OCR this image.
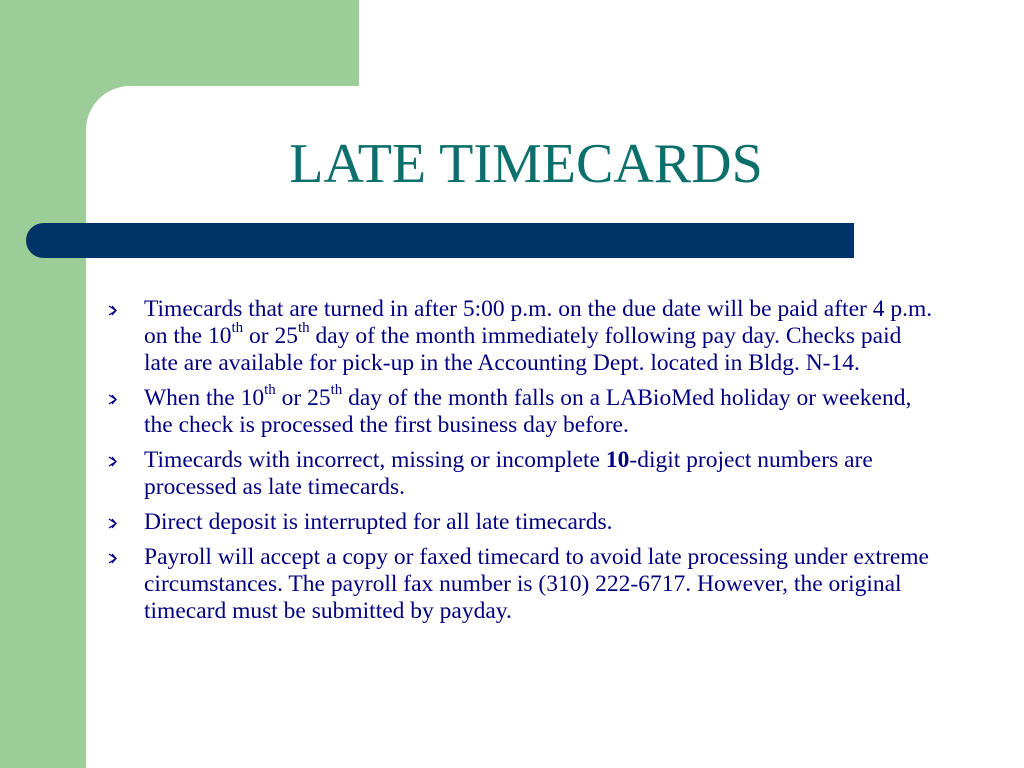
LATE TIMECARDS
Timecards that are turned in after 5:00 p.m. on the due date will be paid after 4 p.m. on the 10th or 25th day of the month immediately following pay day. Checks paid late are available for pick-up in the Accounting Dept. located in Bldg. N-14.
When the 10th or 25th day of the month falls on a LABioMed holiday or weekend, the check is processed the first business day before.
Timecards with incorrect, missing or incomplete 10-digit project numbers are processed as late timecards.
Direct deposit is interrupted for all late timecards.
Payroll will accept a copy or faxed timecard to avoid late processing under extreme circumstances. The payroll fax number is (310) 222-6717. However, the original timecard must be submitted by payday.
